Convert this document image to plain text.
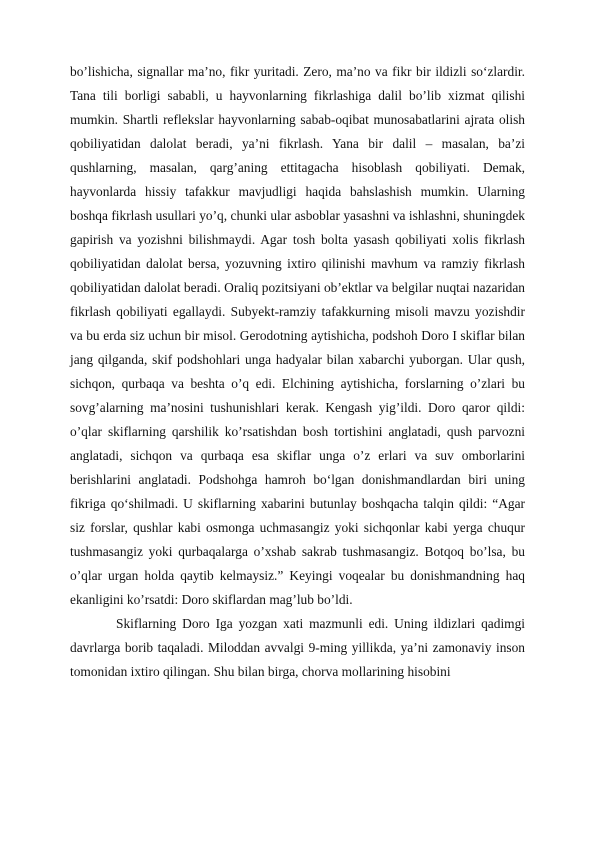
bo’lishicha, signallar ma’no, fikr yuritadi. Zero, ma’no va fikr bir ildizli so‘zlardir. Tana tili borligi sababli, u hayvonlarning fikrlashiga dalil bo’lib xizmat qilishi mumkin. Shartli reflekslar hayvonlarning sabab-oqibat munosabatlarini ajrata olish qobiliyatidan dalolat beradi, ya’ni fikrlash. Yana bir dalil – masalan, ba’zi qushlarning, masalan, qarg’aning ettitagacha hisoblash qobiliyati. Demak, hayvonlarda hissiy tafakkur mavjudligi haqida bahslashish mumkin. Ularning boshqa fikrlash usullari yo’q, chunki ular asboblar yasashni va ishlashni, shuningdek gapirish va yozishni bilishmaydi. Agar tosh bolta yasash qobiliyati xolis fikrlash qobiliyatidan dalolat bersa, yozuvning ixtiro qilinishi mavhum va ramziy fikrlash qobiliyatidan dalolat beradi. Oraliq pozitsiyani ob’ektlar va belgilar nuqtai nazaridan fikrlash qobiliyati egallaydi. Subyekt-ramziy tafakkurning misoli mavzu yozishdir va bu erda siz uchun bir misol. Gerodotning aytishicha, podshoh Doro I skiflar bilan jang qilganda, skif podshohlari unga hadyalar bilan xabarchi yuborgan. Ular qush, sichqon, qurbaqa va beshta o’q edi. Elchining aytishicha, forslarning o’zlari bu sovg’alarning ma’nosini tushunishlari kerak. Kengash yig’ildi. Doro qaror qildi: o’qlar skiflarning qarshilik ko’rsatishdan bosh tortishini anglatadi, qush parvozni anglatadi, sichqon va qurbaqa esa skiflar unga o’z erlari va suv omborlarini berishlarini anglatadi. Podshohga hamroh bo‘lgan donishmandlardan biri uning fikriga qo‘shilmadi. U skiflarning xabarini butunlay boshqacha talqin qildi: “Agar siz forslar, qushlar kabi osmonga uchmasangiz yoki sichqonlar kabi yerga chuqur tushmasangiz yoki qurbaqalarga o’xshab sakrab tushmasangiz. Botqoq bo’lsa, bu o’qlar urgan holda qaytib kelmaysiz.” Keyingi voqealar bu donishmandning haq ekanligini ko’rsatdi: Doro skiflardan mag’lub bo’ldi.

Skiflarning Doro Iga yozgan xati mazmunli edi. Uning ildizlari qadimgi davrlarga borib taqaladi. Miloddan avvalgi 9-ming yillikda, ya’ni zamonaviy inson tomonidan ixtiro qilingan. Shu bilan birga, chorva mollarining hisobini
